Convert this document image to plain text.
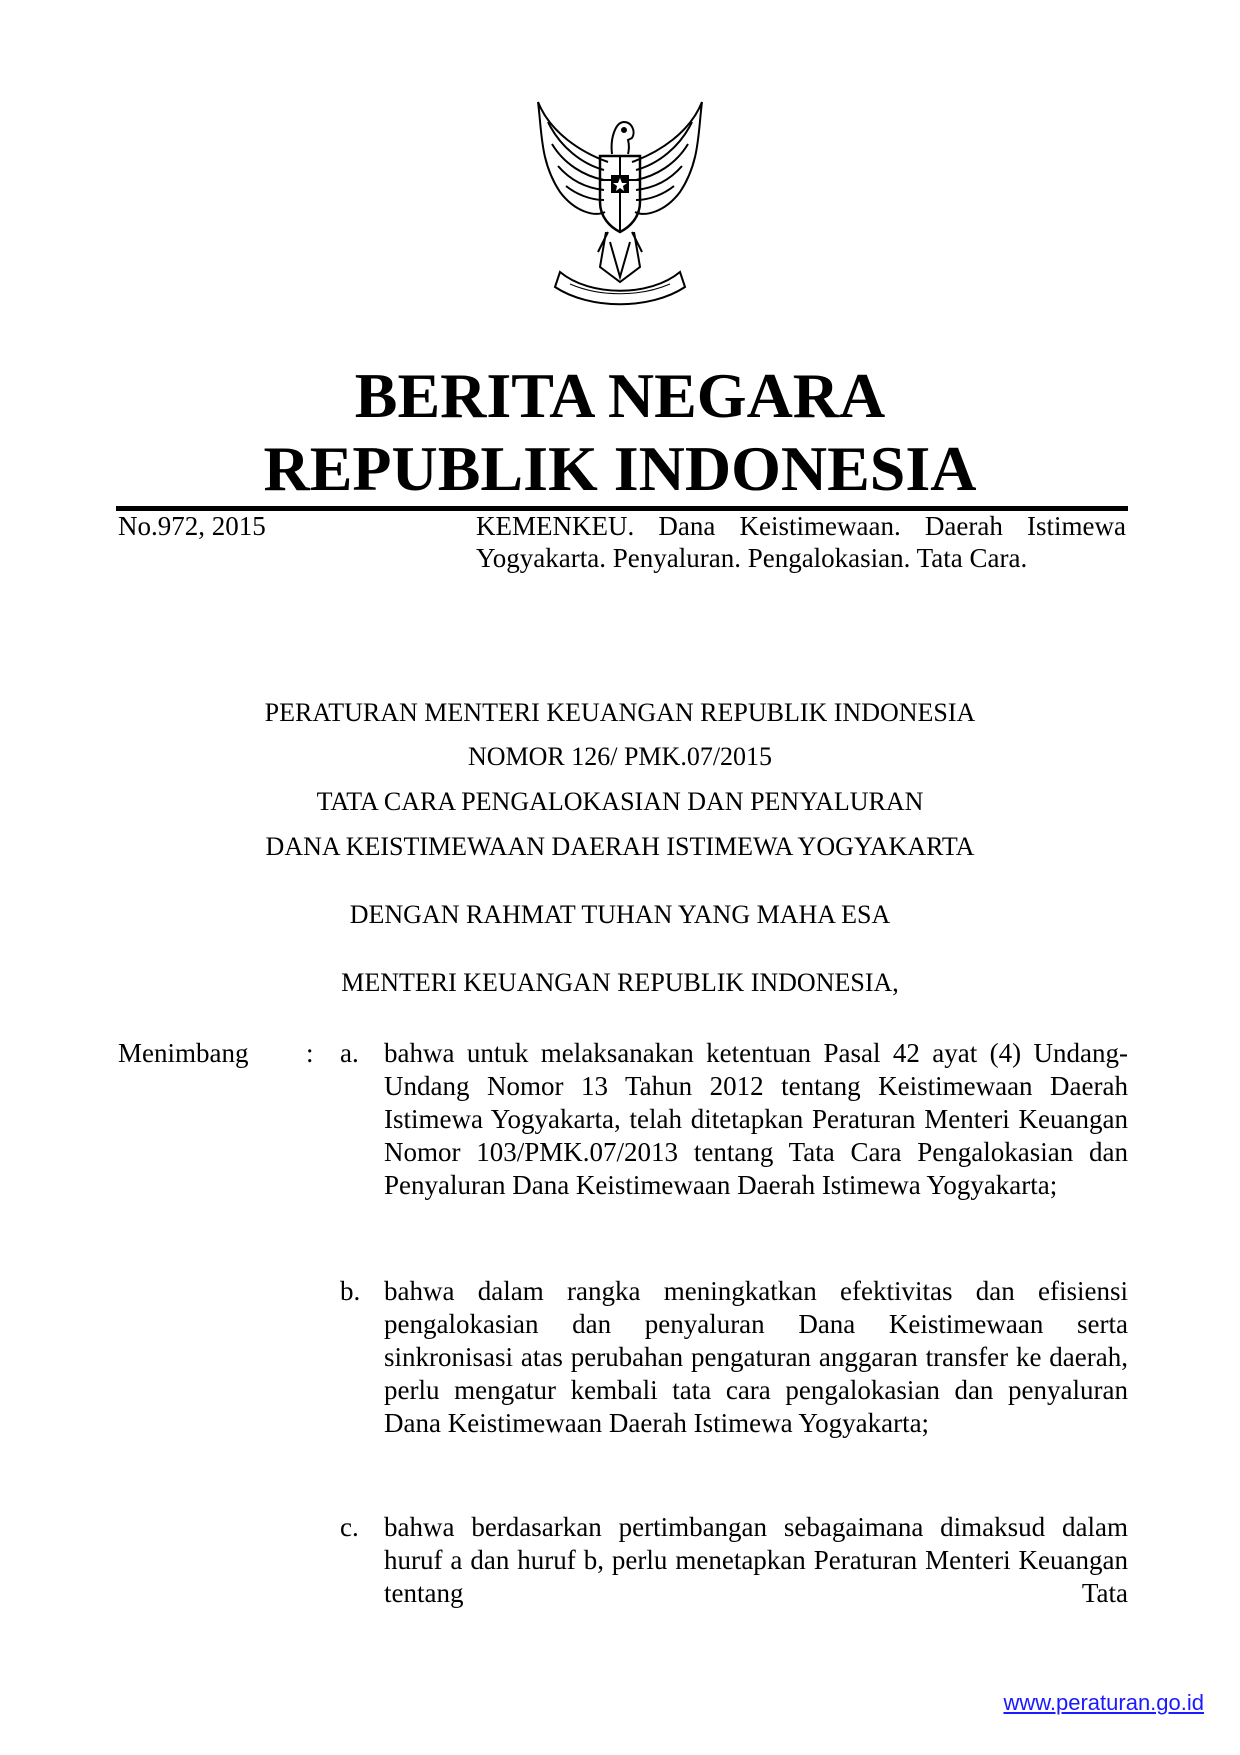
BERITA NEGARA
REPUBLIK INDONESIA
No.972, 2015	KEMENKEU. Dana Keistimewaan. Daerah Istimewa Yogyakarta. Penyaluran. Pengalokasian. Tata Cara.
PERATURAN MENTERI KEUANGAN REPUBLIK INDONESIA
NOMOR 126/ PMK.07/2015
TATA CARA PENGALOKASIAN DAN PENYALURAN
DANA KEISTIMEWAAN DAERAH ISTIMEWA YOGYAKARTA
DENGAN RAHMAT TUHAN YANG MAHA ESA
MENTERI KEUANGAN REPUBLIK INDONESIA,
Menimbang : a. bahwa untuk melaksanakan ketentuan Pasal 42 ayat (4) Undang-Undang Nomor 13 Tahun 2012 tentang Keistimewaan Daerah Istimewa Yogyakarta, telah ditetapkan Peraturan Menteri Keuangan Nomor 103/PMK.07/2013 tentang Tata Cara Pengalokasian dan Penyaluran Dana Keistimewaan Daerah Istimewa Yogyakarta;
b. bahwa dalam rangka meningkatkan efektivitas dan efisiensi pengalokasian dan penyaluran Dana Keistimewaan serta sinkronisasi atas perubahan pengaturan anggaran transfer ke daerah, perlu mengatur kembali tata cara pengalokasian dan penyaluran Dana Keistimewaan Daerah Istimewa Yogyakarta;
c. bahwa berdasarkan pertimbangan sebagaimana dimaksud dalam huruf a dan huruf b, perlu menetapkan Peraturan Menteri Keuangan tentang Tata
www.peraturan.go.id
